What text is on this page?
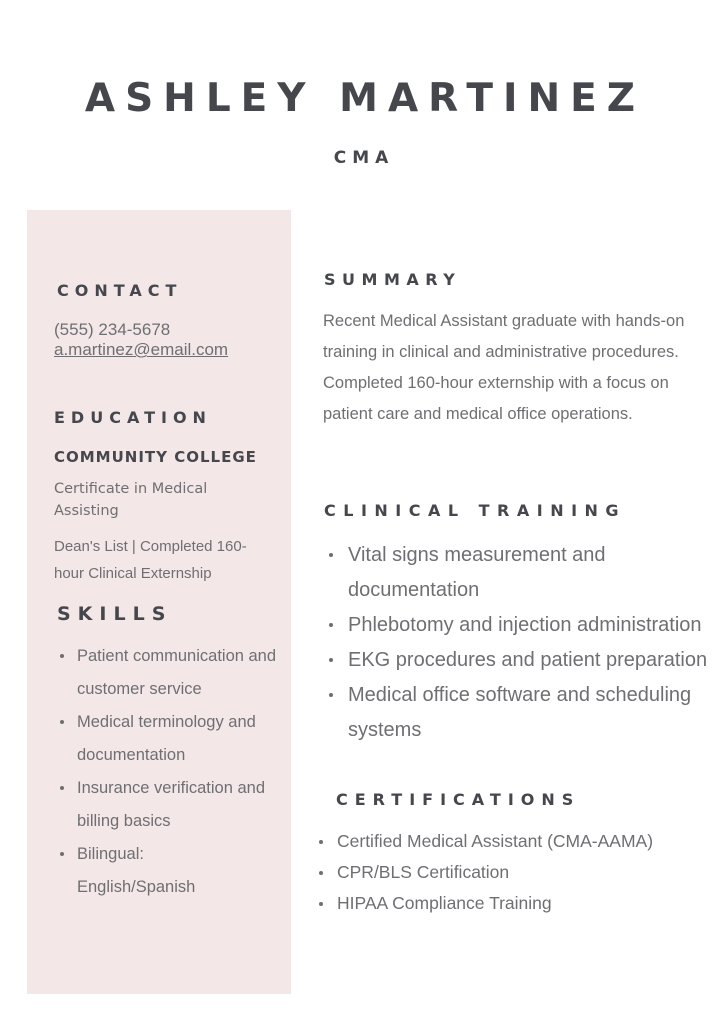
ASHLEY MARTINEZ
CMA
CONTACT
(555) 234-5678
a.martinez@email.com
EDUCATION
COMMUNITY COLLEGE
Certificate in Medical Assisting
Dean's List | Completed 160-hour Clinical Externship
SKILLS
Patient communication and customer service
Medical terminology and documentation
Insurance verification and billing basics
Bilingual: English/Spanish
SUMMARY
Recent Medical Assistant graduate with hands-on training in clinical and administrative procedures. Completed 160-hour externship with a focus on patient care and medical office operations.
CLINICAL TRAINING
Vital signs measurement and documentation
Phlebotomy and injection administration
EKG procedures and patient preparation
Medical office software and scheduling systems
CERTIFICATIONS
Certified Medical Assistant (CMA-AAMA)
CPR/BLS Certification
HIPAA Compliance Training
